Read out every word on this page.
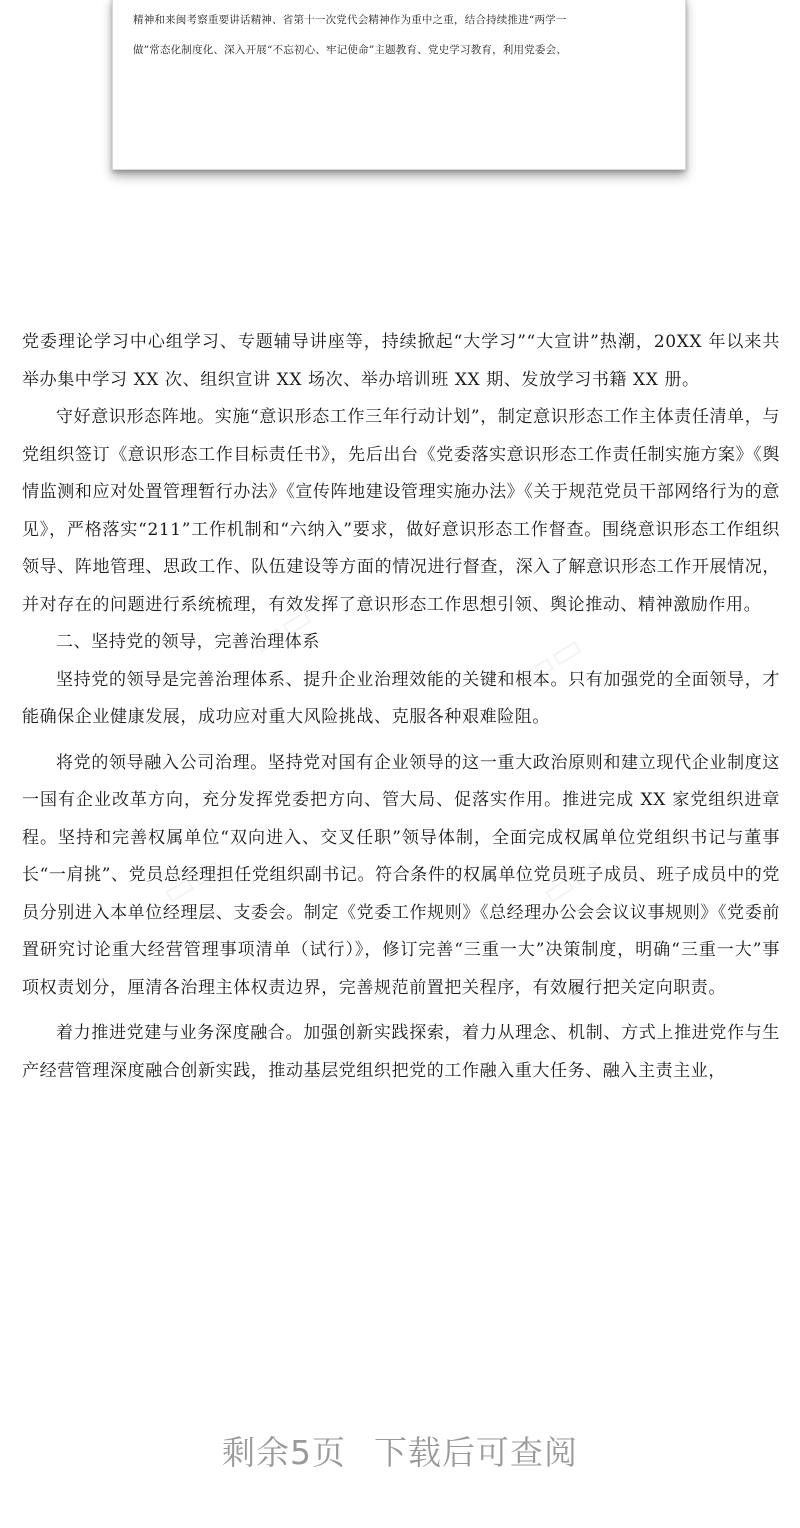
精神和来闽考察重要讲话精神、省第十一次党代会精神作为重中之重，结合持续推进“两学一
做”常态化制度化、深入开展“不忘初心、牢记使命”主题教育、党史学习教育，利用党委会、
▭▭	▭▭
▭▭	▭▭

党委理论学习中心组学习、专题辅导讲座等，持续掀起“大学习”“大宣讲”热潮，20XX 年以来共举办集中学习 XX 次、组织宣讲 XX 场次、举办培训班 XX 期、发放学习书籍 XX 册。

守好意识形态阵地。实施“意识形态工作三年行动计划”，制定意识形态工作主体责任清单，与党组织签订《意识形态工作目标责任书》，先后出台《党委落实意识形态工作责任制实施方案》《舆情监测和应对处置管理暂行办法》《宣传阵地建设管理实施办法》《关于规范党员干部网络行为的意见》，严格落实“211”工作机制和“六纳入”要求，做好意识形态工作督查。围绕意识形态工作组织领导、阵地管理、思政工作、队伍建设等方面的情况进行督查，深入了解意识形态工作开展情况，并对存在的问题进行系统梳理，有效发挥了意识形态工作思想引领、舆论推动、精神激励作用。

二、坚持党的领导，完善治理体系

坚持党的领导是完善治理体系、提升企业治理效能的关键和根本。只有加强党的全面领导，才能确保企业健康发展，成功应对重大风险挑战、克服各种艰难险阻。

将党的领导融入公司治理。坚持党对国有企业领导的这一重大政治原则和建立现代企业制度这一国有企业改革方向，充分发挥党委把方向、管大局、促落实作用。推进完成 XX 家党组织进章程。坚持和完善权属单位“双向进入、交叉任职”领导体制，全面完成权属单位党组织书记与董事长“一肩挑”、党员总经理担任党组织副书记。符合条件的权属单位党员班子成员、班子成员中的党员分别进入本单位经理层、支委会。制定《党委工作规则》《总经理办公会会议议事规则》《党委前置研究讨论重大经营管理事项清单（试行）》，修订完善“三重一大”决策制度，明确“三重一大”事项权责划分，厘清各治理主体权责边界，完善规范前置把关程序，有效履行把关定向职责。

着力推进党建与业务深度融合。加强创新实践探索，着力从理念、机制、方式上推进党作与生产经营管理深度融合创新实践，推动基层党组织把党的工作融入重大任务、融入主责主业，

剩余5页 下载后可查阅
